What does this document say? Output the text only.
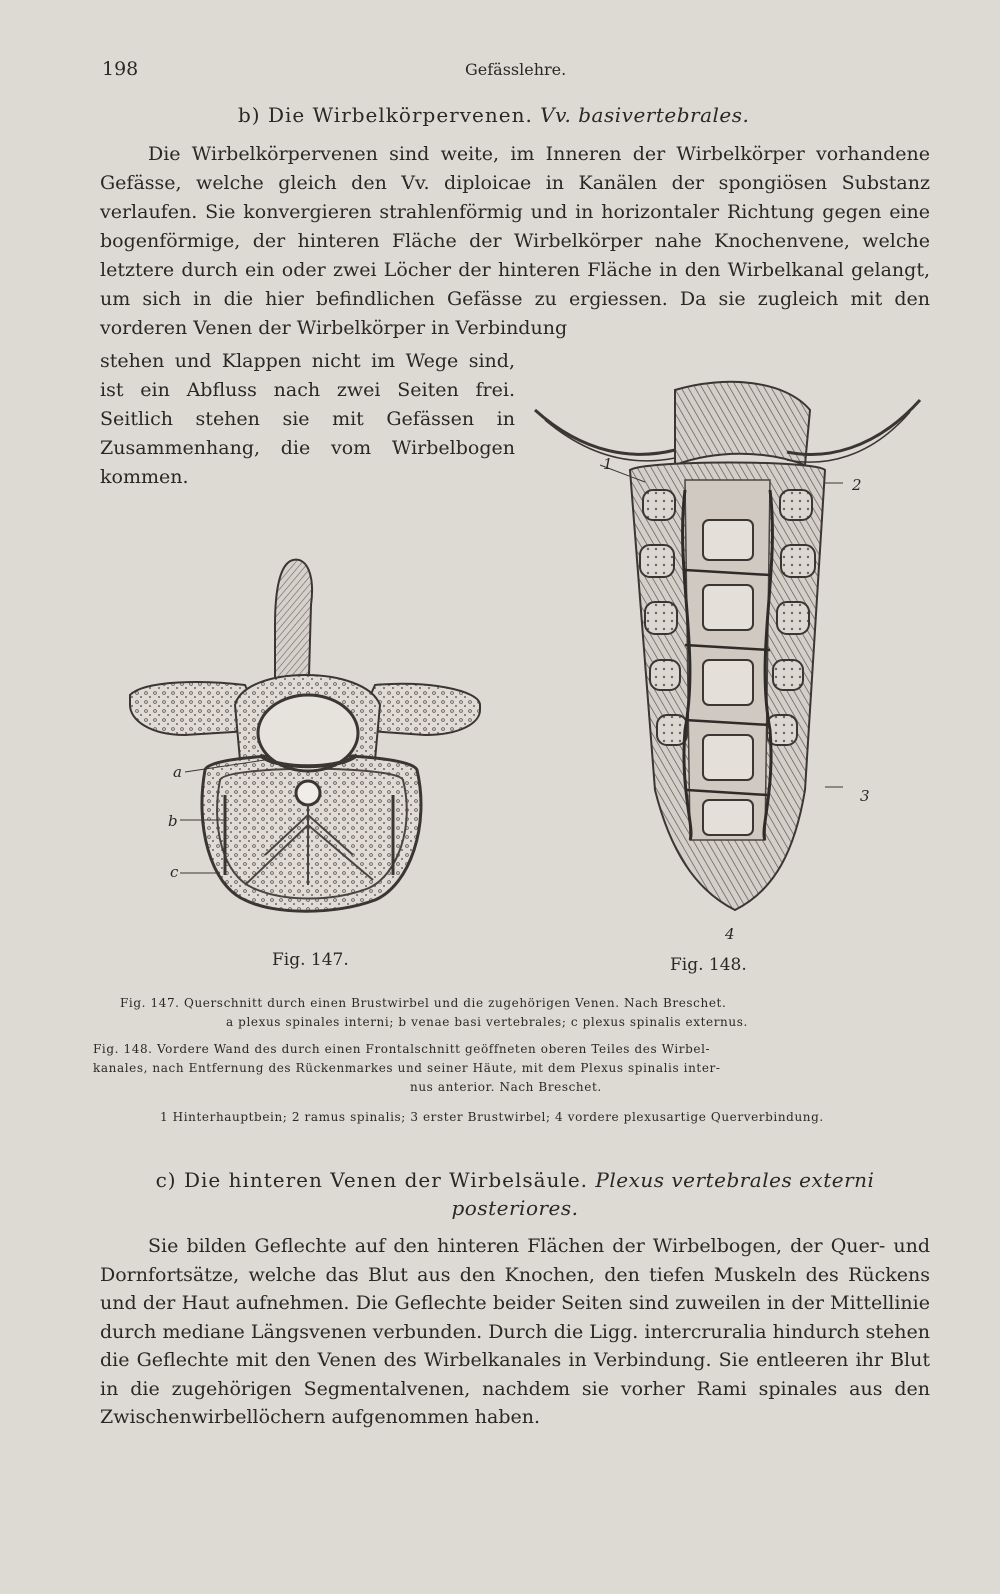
198	Gefässlehre.
b) Die Wirbelkörpervenen. Vv. basivertebrales.

Die Wirbelkörpervenen sind weite, im Inneren der Wirbelkörper vorhandene Gefässe, welche gleich den Vv. diploicae in Kanälen der spongiösen Substanz verlaufen. Sie konvergieren strahlenförmig und in horizontaler Richtung gegen eine bogenförmige, der hinteren Fläche der Wirbelkörper nahe Knochenvene, welche letztere durch ein oder zwei Löcher der hinteren Fläche in den Wirbelkanal gelangt, um sich in die hier befindlichen Gefässe zu ergiessen. Da sie zugleich mit den vorderen Venen der Wirbelkörper in Verbindung

stehen und Klappen nicht im Wege sind, ist ein Abfluss nach zwei Seiten frei. Seitlich stehen sie mit Gefässen in Zusammenhang, die vom Wirbelbogen kommen.

a
b
c
Fig. 147.
1
2
3
4
Fig. 148.
Fig. 147. Querschnitt durch einen Brustwirbel und die zugehörigen Venen. Nach Breschet.
a plexus spinales interni; b venae basi vertebrales; c plexus spinalis externus.
Fig. 148. Vordere Wand des durch einen Frontalschnitt geöffneten oberen Teiles des Wirbel-
kanales, nach Entfernung des Rückenmarkes und seiner Häute, mit dem Plexus spinalis inter-
nus anterior. Nach Breschet.
1 Hinterhauptbein; 2 ramus spinalis; 3 erster Brustwirbel; 4 vordere plexusartige Querverbindung.
c) Die hinteren Venen der Wirbelsäule. Plexus vertebrales externi
posteriores.

Sie bilden Geflechte auf den hinteren Flächen der Wirbelbogen, der Quer- und Dornfortsätze, welche das Blut aus den Knochen, den tiefen Muskeln des Rückens und der Haut aufnehmen. Die Geflechte beider Seiten sind zuweilen in der Mittellinie durch mediane Längsvenen verbunden. Durch die Ligg. intercruralia hindurch stehen die Geflechte mit den Venen des Wirbelkanales in Verbindung. Sie entleeren ihr Blut in die zugehörigen Segmentalvenen, nachdem sie vorher Rami spinales aus den Zwischenwirbellöchern aufgenommen haben.
